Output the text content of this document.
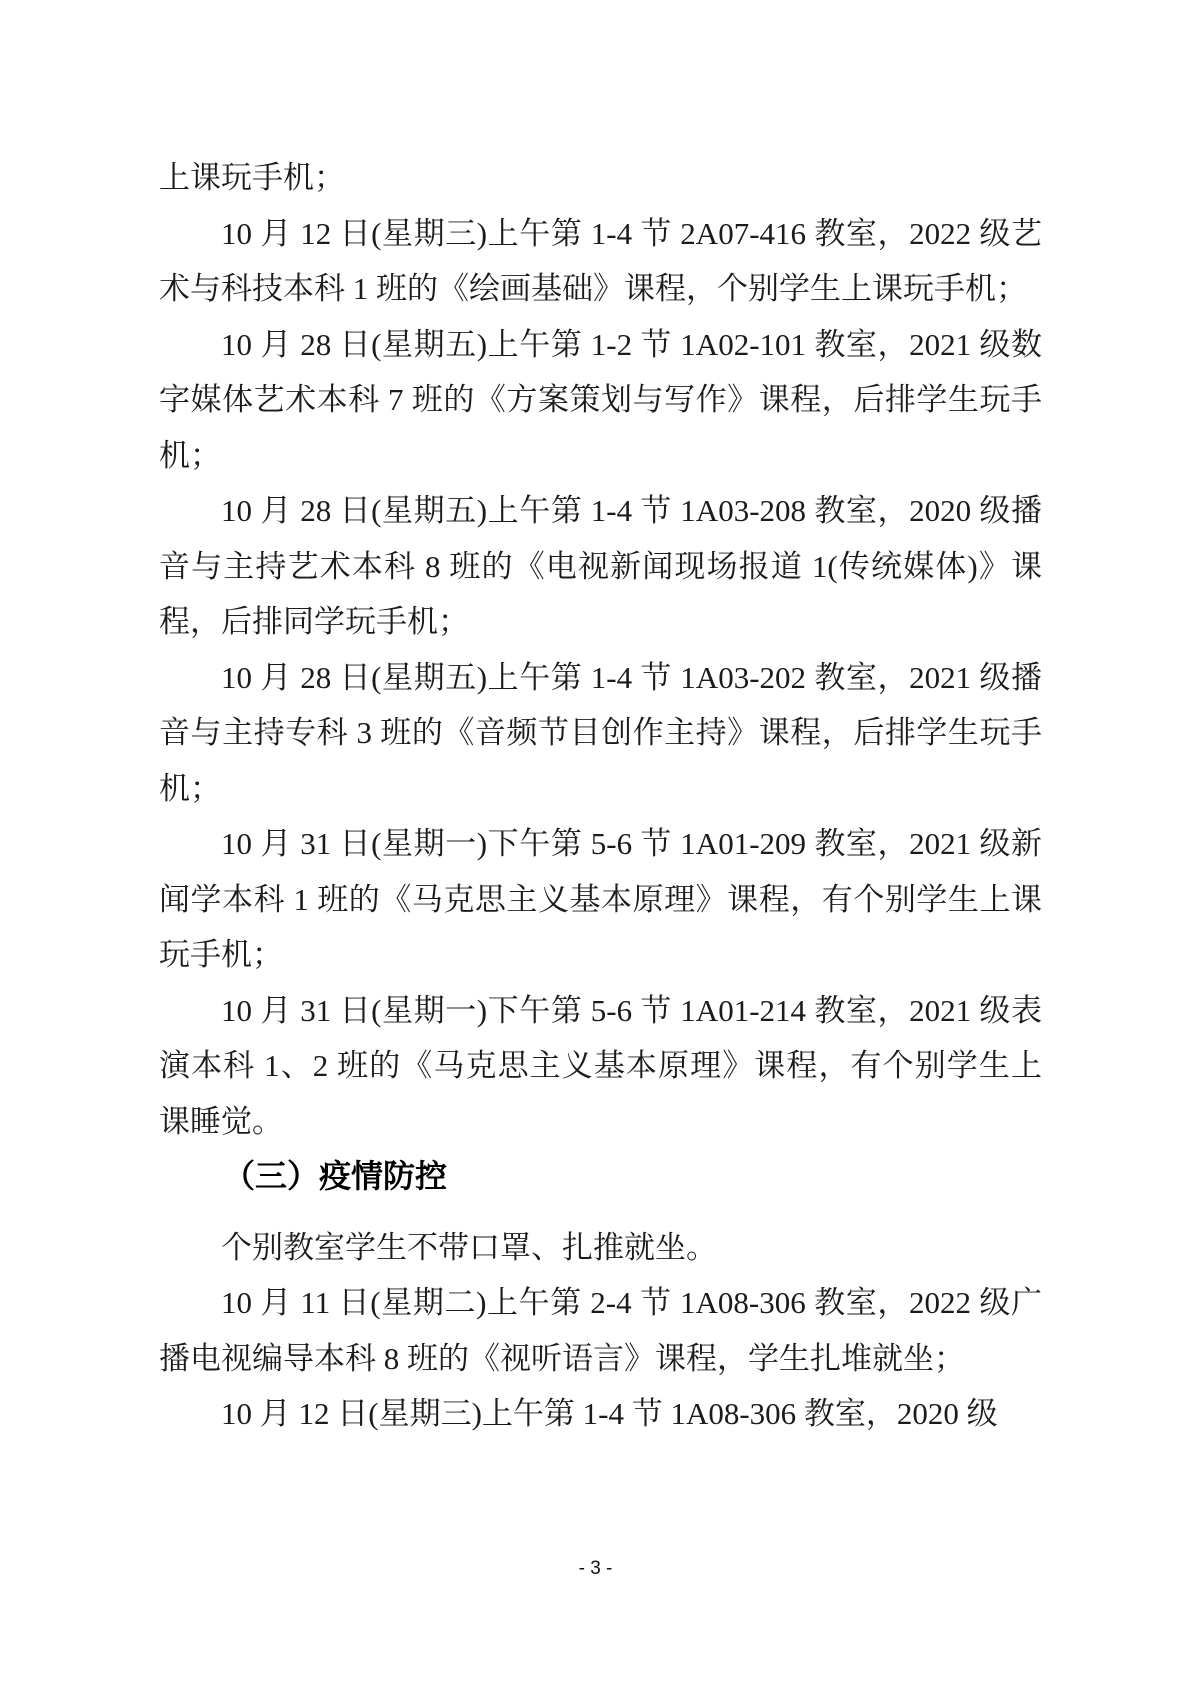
上课玩手机；

10 月 12 日(星期三)上午第 1-4 节 2A07-416 教室，2022 级艺术与科技本科 1 班的《绘画基础》课程，个别学生上课玩手机；

10 月 28 日(星期五)上午第 1-2 节 1A02-101 教室，2021 级数字媒体艺术本科 7 班的《方案策划与写作》课程，后排学生玩手机；

10 月 28 日(星期五)上午第 1-4 节 1A03-208 教室，2020 级播音与主持艺术本科 8 班的《电视新闻现场报道 1(传统媒体)》课程，后排同学玩手机；

10 月 28 日(星期五)上午第 1-4 节 1A03-202 教室，2021 级播音与主持专科 3 班的《音频节目创作主持》课程，后排学生玩手机；

10 月 31 日(星期一)下午第 5-6 节 1A01-209 教室，2021 级新闻学本科 1 班的《马克思主义基本原理》课程，有个别学生上课玩手机；

10 月 31 日(星期一)下午第 5-6 节 1A01-214 教室，2021 级表演本科 1、2 班的《马克思主义基本原理》课程，有个别学生上课睡觉。

（三）疫情防控

个别教室学生不带口罩、扎推就坐。

10 月 11 日(星期二)上午第 2-4 节 1A08-306 教室，2022 级广播电视编导本科 8 班的《视听语言》课程，学生扎堆就坐；

10 月 12 日(星期三)上午第 1-4 节 1A08-306 教室，2020 级

- 3 -
